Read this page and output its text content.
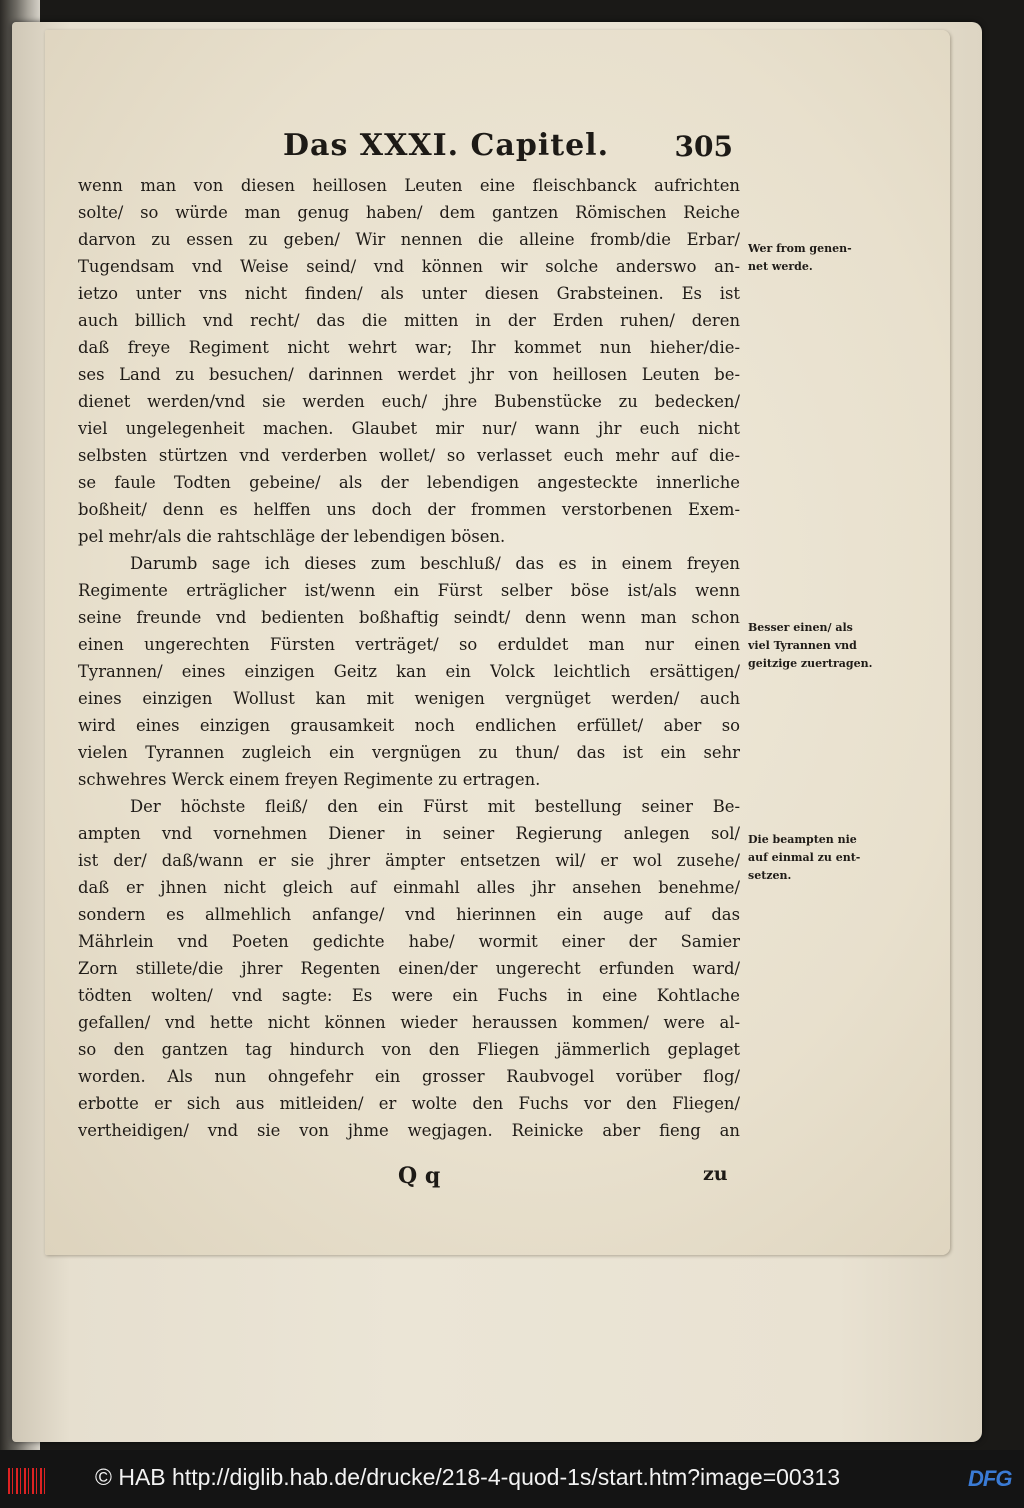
Das XXXI. Capitel. 305
wenn man von diesen heillosen Leuten eine fleischbanck aufrichten
solte/ so würde man genug haben/ dem gantzen Römischen Reiche
darvon zu essen zu geben/ Wir nennen die alleine fromb/die Erbar/
Tugendsam vnd Weise seind/ vnd können wir solche anderswo an-
ietzo unter vns nicht finden/ als unter diesen Grabsteinen. Es ist
auch billich vnd recht/ das die mitten in der Erden ruhen/ deren
daß freye Regiment nicht wehrt war; Ihr kommet nun hieher/die-
ses Land zu besuchen/ darinnen werdet jhr von heillosen Leuten be-
dienet werden/vnd sie werden euch/ jhre Bubenstücke zu bedecken/
viel ungelegenheit machen. Glaubet mir nur/ wann jhr euch nicht
selbsten stürtzen vnd verderben wollet/ so verlasset euch mehr auf die-
se faule Todten gebeine/ als der lebendigen angesteckte innerliche
boßheit/ denn es helffen uns doch der frommen verstorbenen Exem-
pel mehr/als die rahtschläge der lebendigen bösen.
Darumb sage ich dieses zum beschluß/ das es in einem freyen
Regimente erträglicher ist/wenn ein Fürst selber böse ist/als wenn
seine freunde vnd bedienten boßhaftig seindt/ denn wenn man schon
einen ungerechten Fürsten verträget/ so erduldet man nur einen
Tyrannen/ eines einzigen Geitz kan ein Volck leichtlich ersättigen/
eines einzigen Wollust kan mit wenigen vergnüget werden/ auch
wird eines einzigen grausamkeit noch endlichen erfüllet/ aber so
vielen Tyrannen zugleich ein vergnügen zu thun/ das ist ein sehr
schwehres Werck einem freyen Regimente zu ertragen.
Der höchste fleiß/ den ein Fürst mit bestellung seiner Be-
ampten vnd vornehmen Diener in seiner Regierung anlegen sol/
ist der/ daß/wann er sie jhrer ämpter entsetzen wil/ er wol zusehe/
daß er jhnen nicht gleich auf einmahl alles jhr ansehen benehme/
sondern es allmehlich anfange/ vnd hierinnen ein auge auf das
Mährlein vnd Poeten gedichte habe/ wormit einer der Samier
Zorn stillete/die jhrer Regenten einen/der ungerecht erfunden ward/
tödten wolten/ vnd sagte: Es were ein Fuchs in eine Kohtlache
gefallen/ vnd hette nicht können wieder heraussen kommen/ were al-
so den gantzen tag hindurch von den Fliegen jämmerlich geplaget
worden. Als nun ohngefehr ein grosser Raubvogel vorüber flog/
erbotte er sich aus mitleiden/ er wolte den Fuchs vor den Fliegen/
vertheidigen/ vnd sie von jhme wegjagen. Reinicke aber fieng an
Wer from genen-
net werde.
Besser einen/ als
viel Tyrannen vnd
geitzige zuertragen.
Die beampten nie
auf einmal zu ent-
setzen.
Q q	zu
© HAB http://diglib.hab.de/drucke/218-4-quod-1s/start.htm?image=00313	DFG
